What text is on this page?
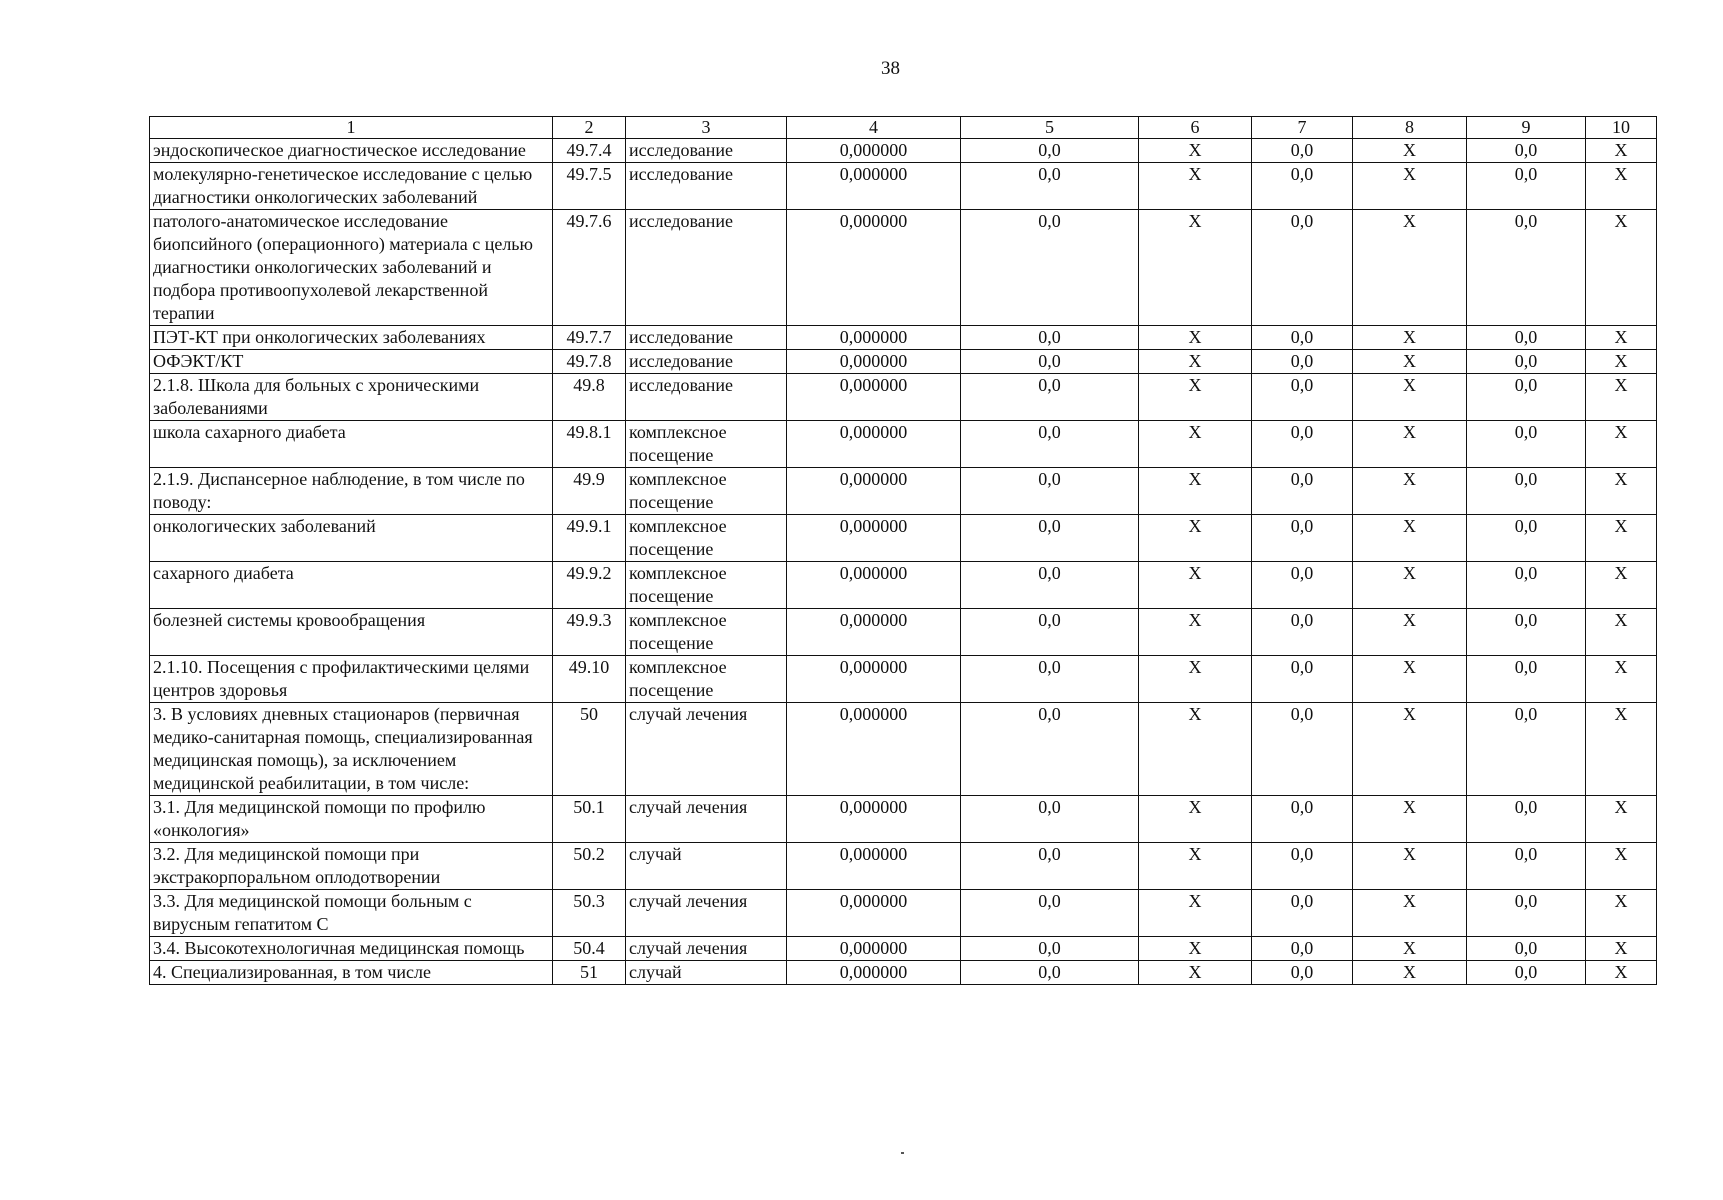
38
1	2	3	4	5	6	7	8	9	10
эндоскопическое диагностическое исследование	49.7.4	исследование	0,000000	0,0	X	0,0	X	0,0	X
молекулярно-генетическое исследование с целью диагностики онкологических заболеваний	49.7.5	исследование	0,000000	0,0	X	0,0	X	0,0	X
патолого-анатомическое исследование биопсийного (операционного) материала с целью диагностики онкологических заболеваний и подбора противоопухолевой лекарственной терапии	49.7.6	исследование	0,000000	0,0	X	0,0	X	0,0	X
ПЭТ-КТ при онкологических заболеваниях	49.7.7	исследование	0,000000	0,0	X	0,0	X	0,0	X
ОФЭКТ/КТ	49.7.8	исследование	0,000000	0,0	X	0,0	X	0,0	X
2.1.8. Школа для больных с хроническими заболеваниями	49.8	исследование	0,000000	0,0	X	0,0	X	0,0	X
школа сахарного диабета	49.8.1	комплексное посещение	0,000000	0,0	X	0,0	X	0,0	X
2.1.9. Диспансерное наблюдение, в том числе по поводу:	49.9	комплексное посещение	0,000000	0,0	X	0,0	X	0,0	X
онкологических заболеваний	49.9.1	комплексное посещение	0,000000	0,0	X	0,0	X	0,0	X
сахарного диабета	49.9.2	комплексное посещение	0,000000	0,0	X	0,0	X	0,0	X
болезней системы кровообращения	49.9.3	комплексное посещение	0,000000	0,0	X	0,0	X	0,0	X
2.1.10. Посещения с профилактическими целями центров здоровья	49.10	комплексное посещение	0,000000	0,0	X	0,0	X	0,0	X
3. В условиях дневных стационаров (первичная медико-санитарная помощь, специализированная медицинская помощь), за исключением медицинской реабилитации, в том числе:	50	случай лечения	0,000000	0,0	X	0,0	X	0,0	X
3.1. Для медицинской помощи по профилю «онкология»	50.1	случай лечения	0,000000	0,0	X	0,0	X	0,0	X
3.2. Для медицинской помощи при экстракорпоральном оплодотворении	50.2	случай	0,000000	0,0	X	0,0	X	0,0	X
3.3. Для медицинской помощи больным с вирусным гепатитом С	50.3	случай лечения	0,000000	0,0	X	0,0	X	0,0	X
3.4. Высокотехнологичная медицинская помощь	50.4	случай лечения	0,000000	0,0	X	0,0	X	0,0	X
4. Специализированная, в том числе	51	случай	0,000000	0,0	X	0,0	X	0,0	X
